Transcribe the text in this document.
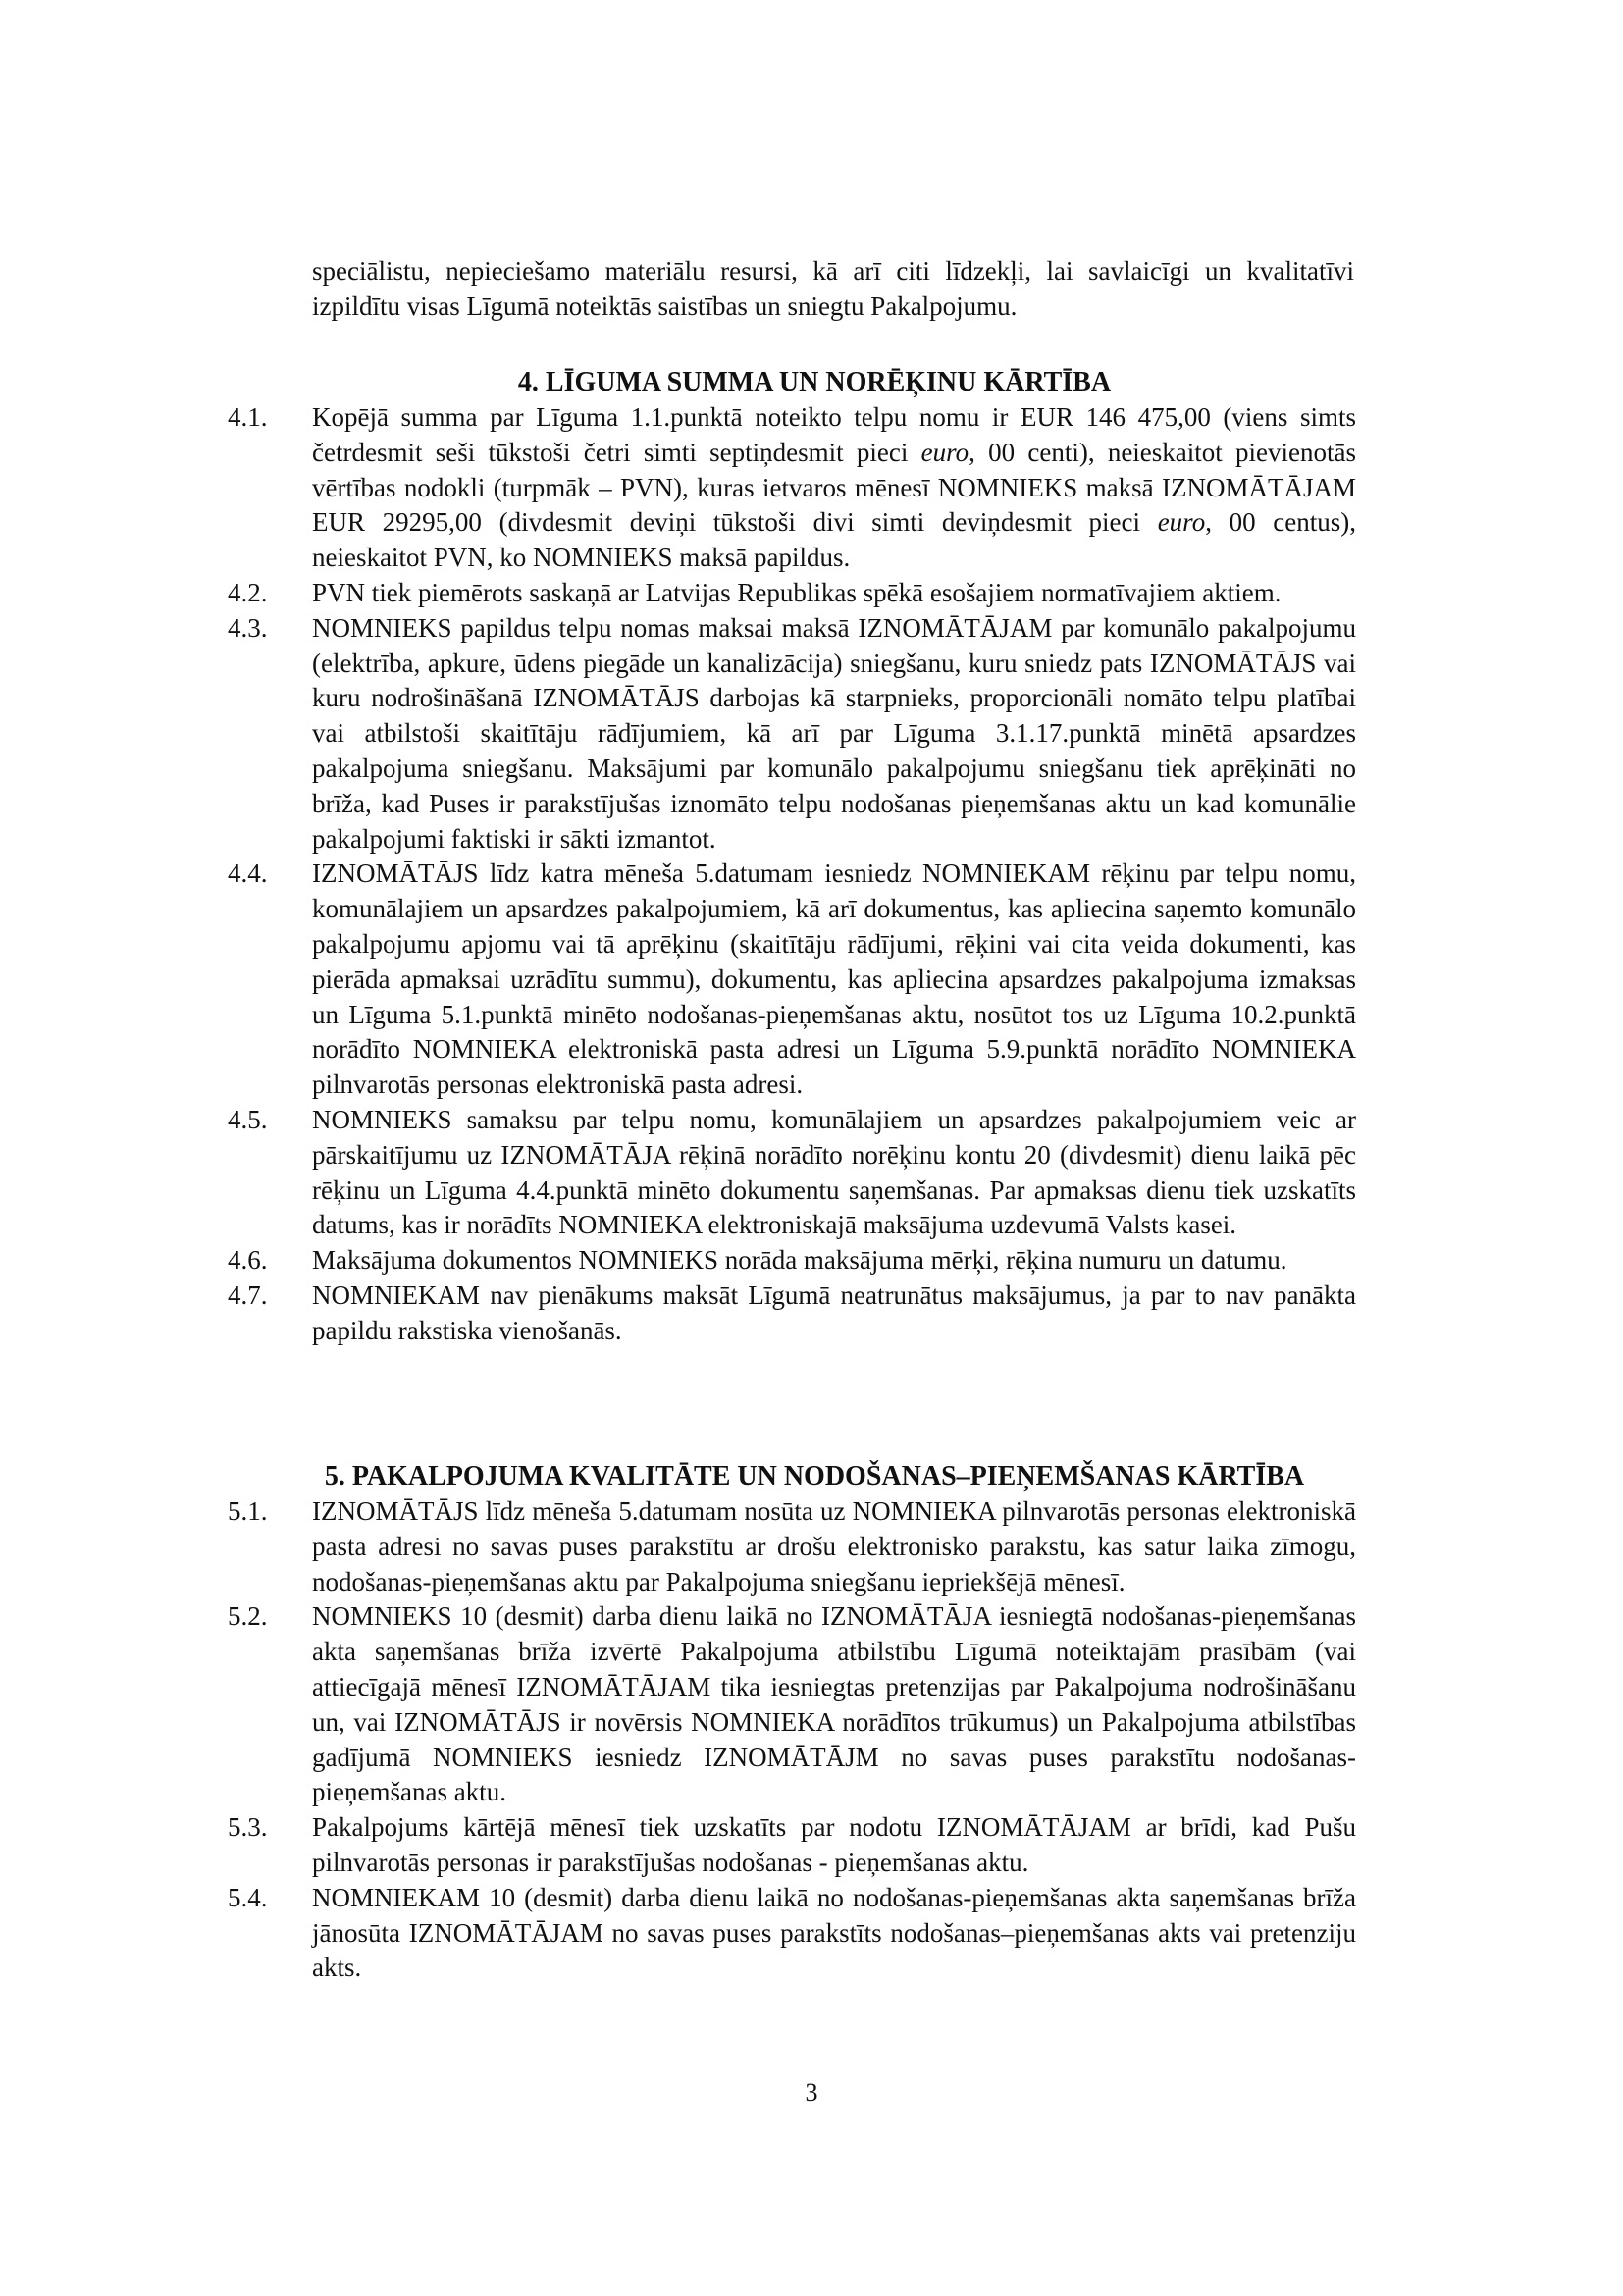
speciālistu, nepieciešamo materiālu resursi, kā arī citi līdzekļi, lai savlaicīgi un kvalitatīvi izpildītu visas Līgumā noteiktās saistības un sniegtu Pakalpojumu.
4. LĪGUMA SUMMA UN NORĒĶINU KĀRTĪBA
4.1.	Kopējā summa par Līguma 1.1.punktā noteikto telpu nomu ir EUR 146 475,00 (viens simts četrdesmit seši tūkstoši četri simti septiņdesmit pieci euro, 00 centi), neieskaitot pievienotās vērtības nodokli (turpmāk – PVN), kuras ietvaros mēnesī NOMNIEKS maksā IZNOMĀTĀJAM EUR 29295,00 (divdesmit deviņi tūkstoši divi simti deviņdesmit pieci euro, 00 centus), neieskaitot PVN, ko NOMNIEKS maksā papildus.
4.2.	PVN tiek piemērots saskaņā ar Latvijas Republikas spēkā esošajiem normatīvajiem aktiem.
4.3.	NOMNIEKS papildus telpu nomas maksai maksā IZNOMĀTĀJAM par komunālo pakalpojumu (elektrība, apkure, ūdens piegāde un kanalizācija) sniegšanu, kuru sniedz pats IZNOMĀTĀJS vai kuru nodrošināšanā IZNOMĀTĀJS darbojas kā starpnieks, proporcionāli nomāto telpu platībai vai atbilstoši skaitītāju rādījumiem, kā arī par Līguma 3.1.17.punktā minētā apsardzes pakalpojuma sniegšanu. Maksājumi par komunālo pakalpojumu sniegšanu tiek aprēķināti no brīža, kad Puses ir parakstījušas iznomāto telpu nodošanas pieņemšanas aktu un kad komunālie pakalpojumi faktiski ir sākti izmantot.
4.4.	IZNOMĀTĀJS līdz katra mēneša 5.datumam iesniedz NOMNIEKAM rēķinu par telpu nomu, komunālajiem un apsardzes pakalpojumiem, kā arī dokumentus, kas apliecina saņemto komunālo pakalpojumu apjomu vai tā aprēķinu (skaitītāju rādījumi, rēķini vai cita veida dokumenti, kas pierāda apmaksai uzrādītu summu), dokumentu, kas apliecina apsardzes pakalpojuma izmaksas un Līguma 5.1.punktā minēto nodošanas-pieņemšanas aktu, nosūtot tos uz Līguma 10.2.punktā norādīto NOMNIEKA elektroniskā pasta adresi un Līguma 5.9.punktā norādīto NOMNIEKA pilnvarotās personas elektroniskā pasta adresi.
4.5.	NOMNIEKS samaksu par telpu nomu, komunālajiem un apsardzes pakalpojumiem veic ar pārskaitījumu uz IZNOMĀTĀJA rēķinā norādīto norēķinu kontu 20 (divdesmit) dienu laikā pēc rēķinu un Līguma 4.4.punktā minēto dokumentu saņemšanas. Par apmaksas dienu tiek uzskatīts datums, kas ir norādīts NOMNIEKA elektroniskajā maksājuma uzdevumā Valsts kasei.
4.6.	Maksājuma dokumentos NOMNIEKS norāda maksājuma mērķi, rēķina numuru un datumu.
4.7.	NOMNIEKAM nav pienākums maksāt Līgumā neatrunātus maksājumus, ja par to nav panākta papildu rakstiska vienošanās.
5. PAKALPOJUMA KVALITĀTE UN NODOŠANAS–PIEŅEMŠANAS KĀRTĪBA
5.1.	IZNOMĀTĀJS līdz mēneša 5.datumam nosūta uz NOMNIEKA pilnvarotās personas elektroniskā pasta adresi no savas puses parakstītu ar drošu elektronisko parakstu, kas satur laika zīmogu, nodošanas-pieņemšanas aktu par Pakalpojuma sniegšanu iepriekšējā mēnesī.
5.2.	NOMNIEKS 10 (desmit) darba dienu laikā no IZNOMĀTĀJA iesniegtā nodošanas-pieņemšanas akta saņemšanas brīža izvērtē Pakalpojuma atbilstību Līgumā noteiktajām prasībām (vai attiecīgajā mēnesī IZNOMĀTĀJAM tika iesniegtas pretenzijas par Pakalpojuma nodrošināšanu un, vai IZNOMĀTĀJS ir novērsis NOMNIEKA norādītos trūkumus) un Pakalpojuma atbilstības gadījumā NOMNIEKS iesniedz IZNOMĀTĀJM no savas puses parakstītu nodošanas-pieņemšanas aktu.
5.3.	Pakalpojums kārtējā mēnesī tiek uzskatīts par nodotu IZNOMĀTĀJAM ar brīdi, kad Pušu pilnvarotās personas ir parakstījušas nodošanas - pieņemšanas aktu.
5.4.	NOMNIEKAM 10 (desmit) darba dienu laikā no nodošanas-pieņemšanas akta saņemšanas brīža jānosūta IZNOMĀTĀJAM no savas puses parakstīts nodošanas–pieņemšanas akts vai pretenziju akts.
3
